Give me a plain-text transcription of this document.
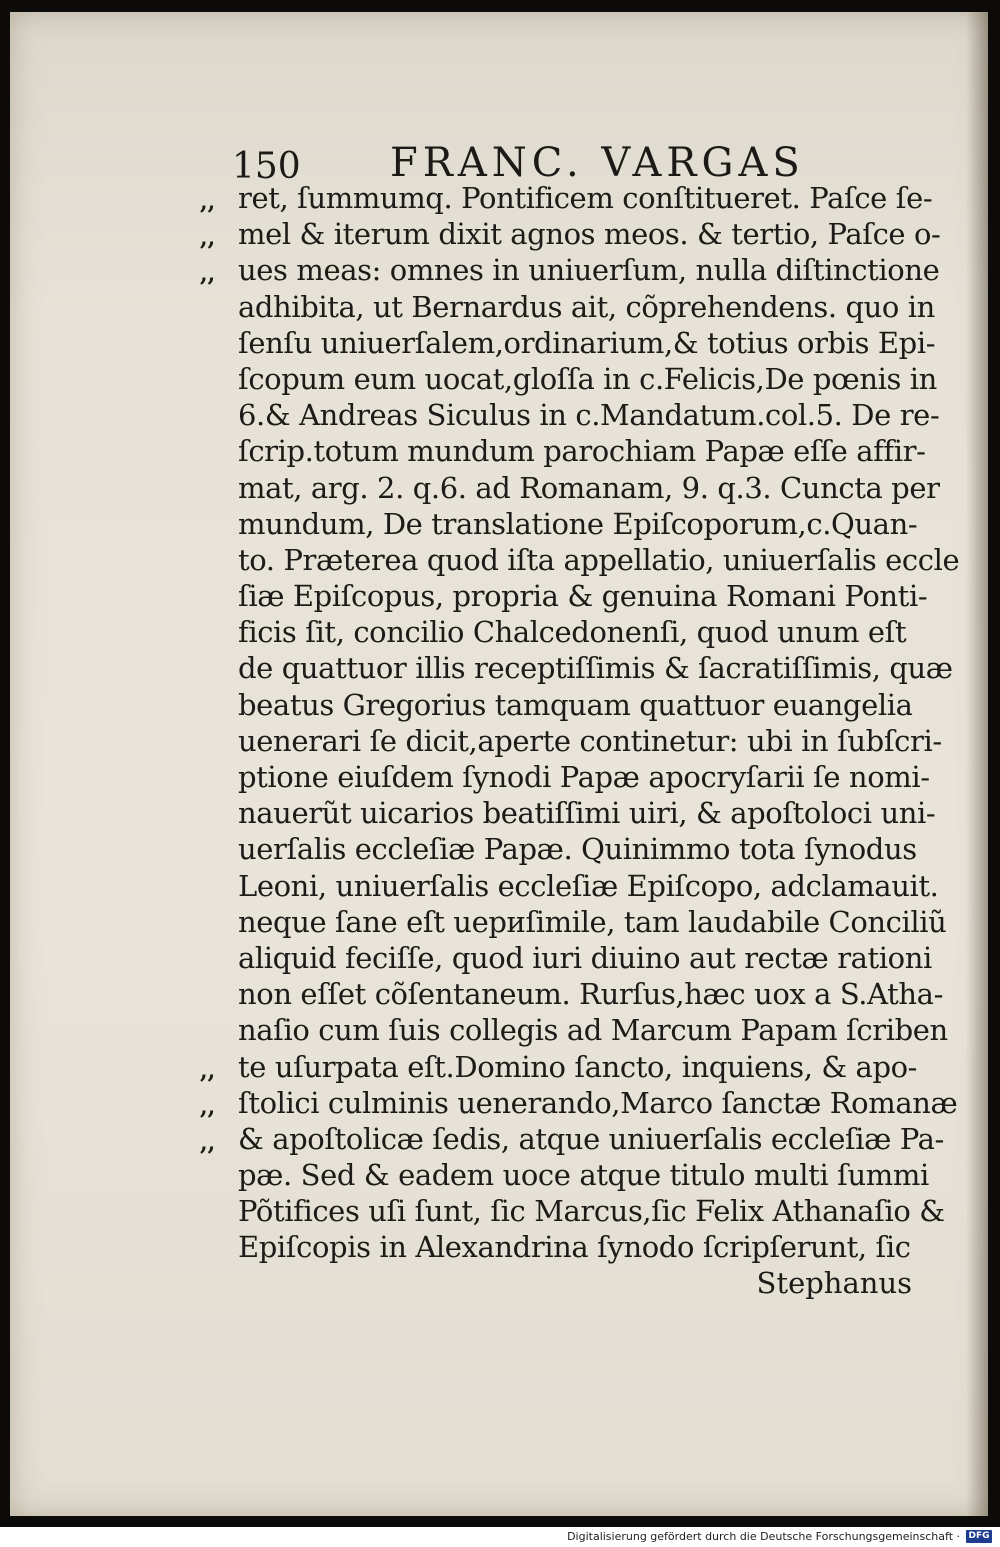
150 FRANC. VARGAS
,, ret, ſummumq. Pontificem conſtitueret. Paſce ſe-
,, mel & iterum dixit agnos meos. & tertio, Paſce o-
,, ues meas: omnes in uniuerſum, nulla diſtinctione
adhibita, ut Bernardus ait, cõprehendens. quo in
ſenſu uniuerſalem,ordinarium,& totius orbis Epi-
ſcopum eum uocat,gloſſa in c.Felicis,De pœnis in
6.& Andreas Siculus in c.Mandatum.col.5. De re-
ſcrip.totum mundum parochiam Papæ eſſe affir-
mat, arg. 2. q.6. ad Romanam, 9. q.3. Cuncta per
mundum, De translatione Epiſcoporum,c.Quan-
to. Præterea quod iſta appellatio, uniuerſalis eccle
ſiæ Epiſcopus, propria & genuina Romani Ponti-
ficis ſit, concilio Chalcedonenſi, quod unum eſt
de quattuor illis receptiſſimis & ſacratiſſimis, quæ
beatus Gregorius tamquam quattuor euangelia
uenerari ſe dicit,aperte continetur: ubi in ſubſcri-
ptione eiuſdem ſynodi Papæ apocryſarii ſe nomi-
nauerũt uicarios beatiſſimi uiri, & apoſtoloci uni-
uerſalis eccleſiæ Papæ. Quinimmo tota ſynodus
Leoni, uniuerſalis eccleſiæ Epiſcopo, adclamauit.
neque ſane eſt uериſimile, tam laudabile Conciliũ
aliquid feciſſe, quod iuri diuino aut rectæ rationi
non eſſet cõſentaneum. Rurſus,hæc uox a S.Atha-
naſio cum ſuis collegis ad Marcum Papam ſcriben
,, te uſurpata eſt.Domino ſancto, inquiens, & apo-
,, ſtolici culminis uenerando,Marco ſanctæ Romanæ
,, & apoſtolicæ ſedis, atque uniuerſalis eccleſiæ Pa-
pæ. Sed & eadem uoce atque titulo multi ſummi
Põtifices uſi ſunt, ſic Marcus,ſic Felix Athanaſio &
Epiſcopis in Alexandrina ſynodo ſcripſerunt, ſic
Stephanus
Digitalisierung gefördert durch die Deutsche Forschungsgemeinschaft · DFG
